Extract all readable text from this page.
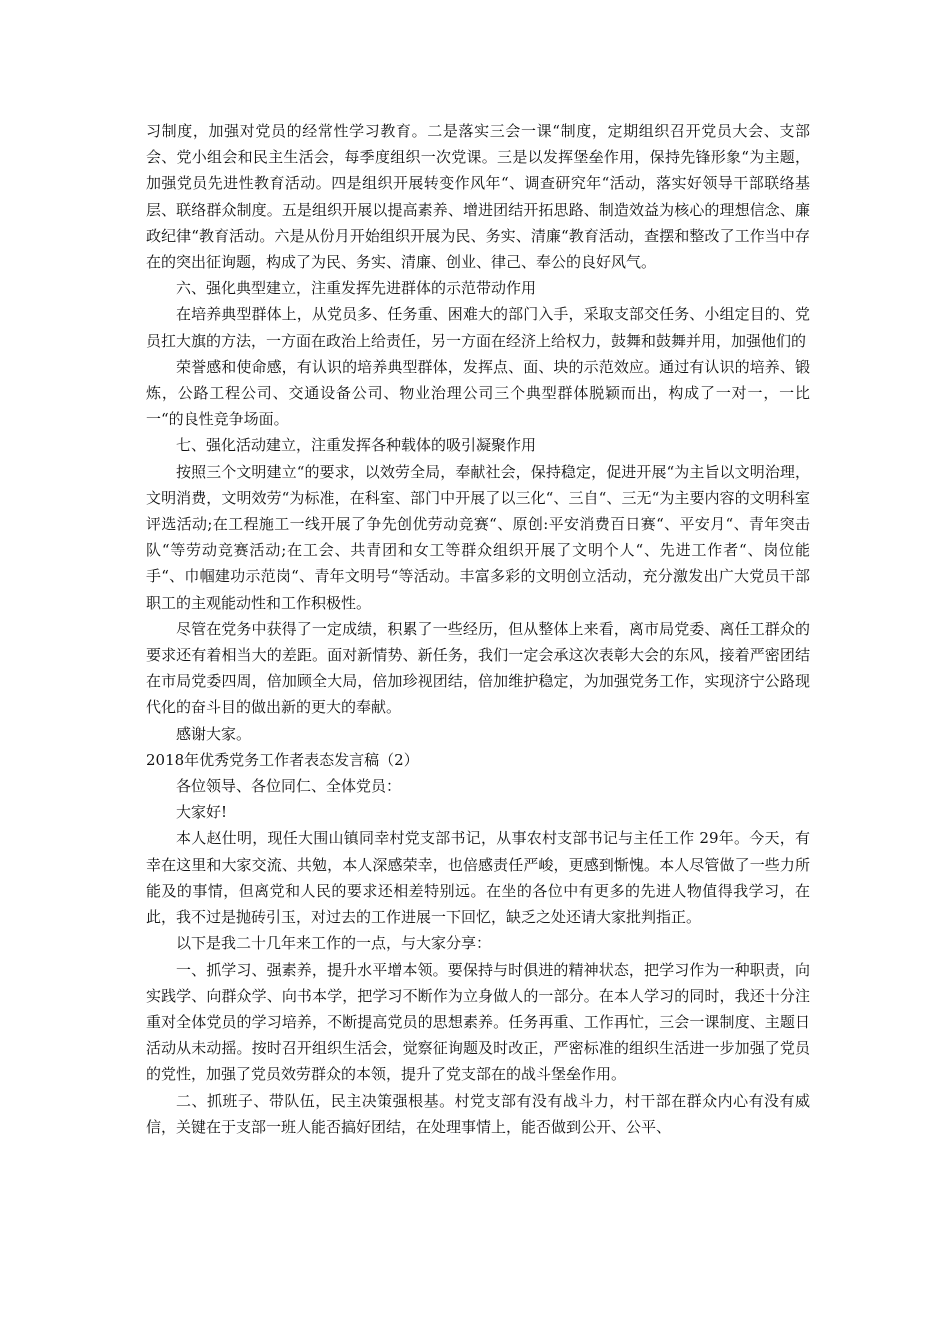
习制度，加强对党员的经常性学习教育。二是落实三会一课“制度，定期组织召开党员大会、支部会、党小组会和民主生活会，每季度组织一次党课。三是以发挥堡垒作用，保持先锋形象“为主题，加强党员先进性教育活动。四是组织开展转变作风年“、调查研究年“活动，落实好领导干部联络基层、联络群众制度。五是组织开展以提高素养、增进团结开拓思路、制造效益为核心的理想信念、廉政纪律“教育活动。六是从份月开始组织开展为民、务实、清廉“教育活动，查摆和整改了工作当中存在的突出征询题，构成了为民、务实、清廉、创业、律己、奉公的良好风气。

六、强化典型建立，注重发挥先进群体的示范带动作用

在培养典型群体上，从党员多、任务重、困难大的部门入手，采取支部交任务、小组定目的、党员扛大旗的方法，一方面在政治上给责任，另一方面在经济上给权力，鼓舞和鼓舞并用，加强他们的

荣誉感和使命感，有认识的培养典型群体，发挥点、面、块的示范效应。通过有认识的培养、锻炼，公路工程公司、交通设备公司、物业治理公司三个典型群体脱颖而出，构成了一对一，一比一“的良性竞争场面。

七、强化活动建立，注重发挥各种载体的吸引凝聚作用

按照三个文明建立“的要求，以效劳全局，奉献社会，保持稳定，促进开展“为主旨以文明治理，文明消费，文明效劳“为标准，在科室、部门中开展了以三化“、三自“、三无“为主要内容的文明科室评选活动;在工程施工一线开展了争先创优劳动竞赛“、原创:平安消费百日赛“、平安月“、青年突击队“等劳动竞赛活动;在工会、共青团和女工等群众组织开展了文明个人“、先进工作者“、岗位能手“、巾帼建功示范岗“、青年文明号“等活动。丰富多彩的文明创立活动，充分激发出广大党员干部职工的主观能动性和工作积极性。

尽管在党务中获得了一定成绩，积累了一些经历，但从整体上来看，离市局党委、离任工群众的要求还有着相当大的差距。面对新情势、新任务，我们一定会承这次表彰大会的东风，接着严密团结在市局党委四周，倍加顾全大局，倍加珍视团结，倍加维护稳定，为加强党务工作，实现济宁公路现代化的奋斗目的做出新的更大的奉献。

感谢大家。

2018年优秀党务工作者表态发言稿（2）

各位领导、各位同仁、全体党员：

大家好!

本人赵仕明，现任大围山镇同幸村党支部书记，从事农村支部书记与主任工作 29年。今天，有幸在这里和大家交流、共勉，本人深感荣幸，也倍感责任严峻，更感到惭愧。本人尽管做了一些力所能及的事情，但离党和人民的要求还相差特别远。在坐的各位中有更多的先进人物值得我学习，在此，我不过是抛砖引玉，对过去的工作进展一下回忆，缺乏之处还请大家批判指正。

以下是我二十几年来工作的一点，与大家分享：

一、抓学习、强素养，提升水平增本领。要保持与时俱进的精神状态，把学习作为一种职责，向实践学、向群众学、向书本学，把学习不断作为立身做人的一部分。在本人学习的同时，我还十分注重对全体党员的学习培养，不断提高党员的思想素养。任务再重、工作再忙，三会一课制度、主题日活动从未动摇。按时召开组织生活会，觉察征询题及时改正，严密标准的组织生活进一步加强了党员的党性，加强了党员效劳群众的本领，提升了党支部在的战斗堡垒作用。

二、抓班子、带队伍，民主决策强根基。村党支部有没有战斗力，村干部在群众内心有没有威信，关键在于支部一班人能否搞好团结，在处理事情上，能否做到公开、公平、
